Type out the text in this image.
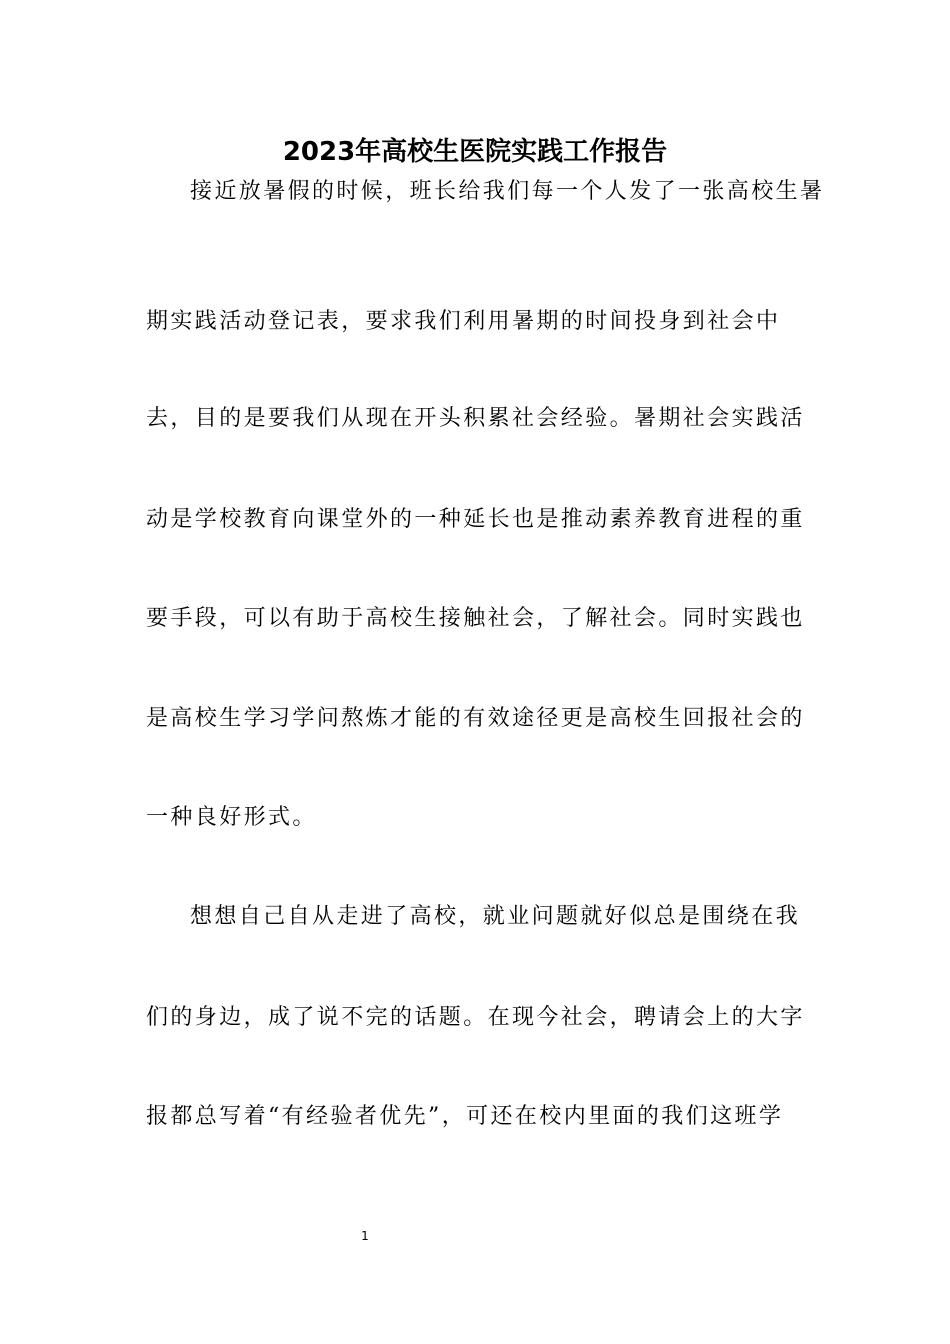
2023年高校生医院实践工作报告
接近放暑假的时候，班长给我们每一个人发了一张高校生暑
期实践活动登记表，要求我们利用暑期的时间投身到社会中
去，目的是要我们从现在开头积累社会经验。暑期社会实践活
动是学校教育向课堂外的一种延长也是推动素养教育进程的重
要手段，可以有助于高校生接触社会，了解社会。同时实践也
是高校生学习学问熬炼才能的有效途径更是高校生回报社会的
一种良好形式。
想想自己自从走进了高校，就业问题就好似总是围绕在我
们的身边，成了说不完的话题。在现今社会，聘请会上的大字
报都总写着“有经验者优先”，可还在校内里面的我们这班学
1
